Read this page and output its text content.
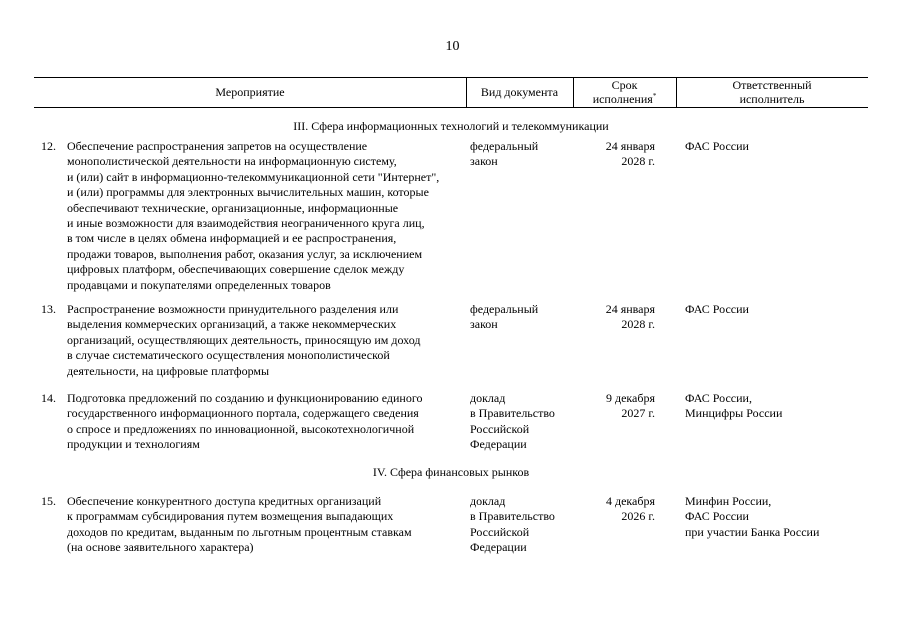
10
Мероприятие	Вид документа	Срок
исполнения*
Ответственный
исполнитель
III. Сфера информационных технологий и телекоммуникации
12. Обеспечение распространения запретов на осуществление
монополистической деятельности на информационную систему,
и (или) сайт в информационно-телекоммуникационной сети "Интернет",
и (или) программы для электронных вычислительных машин, которые
обеспечивают технические, организационные, информационные
и иные возможности для взаимодействия неограниченного круга лиц,
в том числе в целях обмена информацией и ее распространения,
продажи товаров, выполнения работ, оказания услуг, за исключением
цифровых платформ, обеспечивающих совершение сделок между
продавцами и покупателями определенных товаров
федеральный
закон
24 января
2028 г.
ФАС России
13. Распространение возможности принудительного разделения или
выделения коммерческих организаций, а также некоммерческих
организаций, осуществляющих деятельность, приносящую им доход
в случае систематического осуществления монополистической
деятельности, на цифровые платформы
федеральный
закон
24 января
2028 г.
ФАС России
14. Подготовка предложений по созданию и функционированию единого
государственного информационного портала, содержащего сведения
о спросе и предложениях по инновационной, высокотехнологичной
продукции и технологиям
доклад
в Правительство
Российской
Федерации
9 декабря
2027 г.
ФАС России,
Минцифры России
IV. Сфера финансовых рынков
15. Обеспечение конкурентного доступа кредитных организаций
к программам субсидирования путем возмещения выпадающих
доходов по кредитам, выданным по льготным процентным ставкам
(на основе заявительного характера)
доклад
в Правительство
Российской
Федерации
4 декабря
2026 г.
Минфин России,
ФАС России
при участии Банка России
